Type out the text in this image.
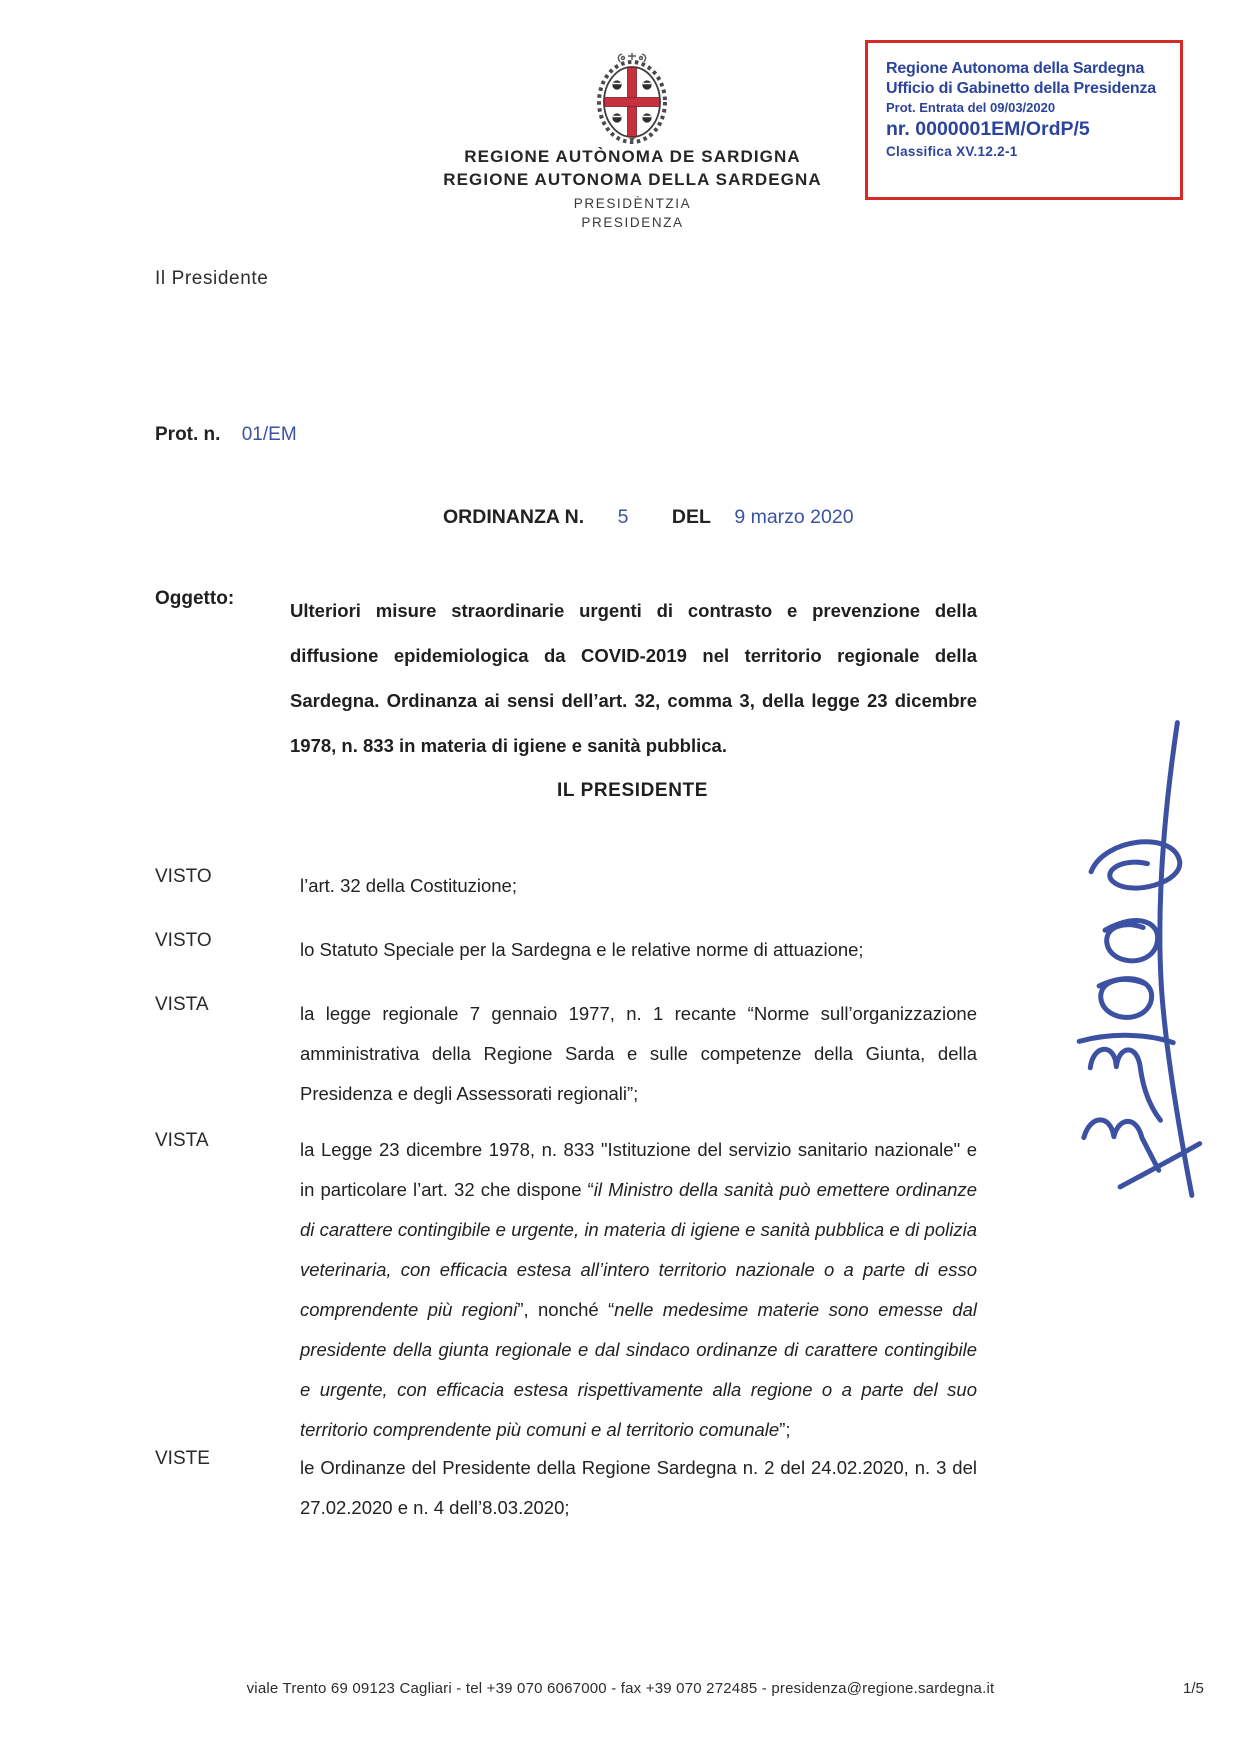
Regione Autonoma della Sardegna
Ufficio di Gabinetto della Presidenza
Prot. Entrata del 09/03/2020
nr. 0000001EM/OrdP/5
Classifica XV.12.2-1
REGIONE AUTÒNOMA DE SARDIGNA
REGIONE AUTONOMA DELLA SARDEGNA
PRESIDÈNTZIA
PRESIDENZA
Il Presidente
Prot. n. 01/EM
ORDINANZA N. 5 DEL 9 marzo 2020
Oggetto:
Ulteriori misure straordinarie urgenti di contrasto e prevenzione della diffusione epidemiologica da COVID-2019 nel territorio regionale della Sardegna. Ordinanza ai sensi dell’art. 32, comma 3, della legge 23 dicembre 1978, n. 833 in materia di igiene e sanità pubblica.
IL PRESIDENTE
VISTO	l’art. 32 della Costituzione;
VISTO	lo Statuto Speciale per la Sardegna e le relative norme di attuazione;
VISTA	la legge regionale 7 gennaio 1977, n. 1 recante “Norme sull’organizzazione amministrativa della Regione Sarda e sulle competenze della Giunta, della Presidenza e degli Assessorati regionali”;
VISTA	la Legge 23 dicembre 1978, n. 833 "Istituzione del servizio sanitario nazionale" e in particolare l’art. 32 che dispone “il Ministro della sanità può emettere ordinanze di carattere contingibile e urgente, in materia di igiene e sanità pubblica e di polizia veterinaria, con efficacia estesa all’intero territorio nazionale o a parte di esso comprendente più regioni”, nonché “nelle medesime materie sono emesse dal presidente della giunta regionale e dal sindaco ordinanze di carattere contingibile e urgente, con efficacia estesa rispettivamente alla regione o a parte del suo territorio comprendente più comuni e al territorio comunale”;
VISTE	le Ordinanze del Presidente della Regione Sardegna n. 2 del 24.02.2020, n. 3 del 27.02.2020 e n. 4 dell’8.03.2020;
viale Trento 69 09123 Cagliari - tel +39 070 6067000 - fax +39 070 272485 - presidenza@regione.sardegna.it	1/5
